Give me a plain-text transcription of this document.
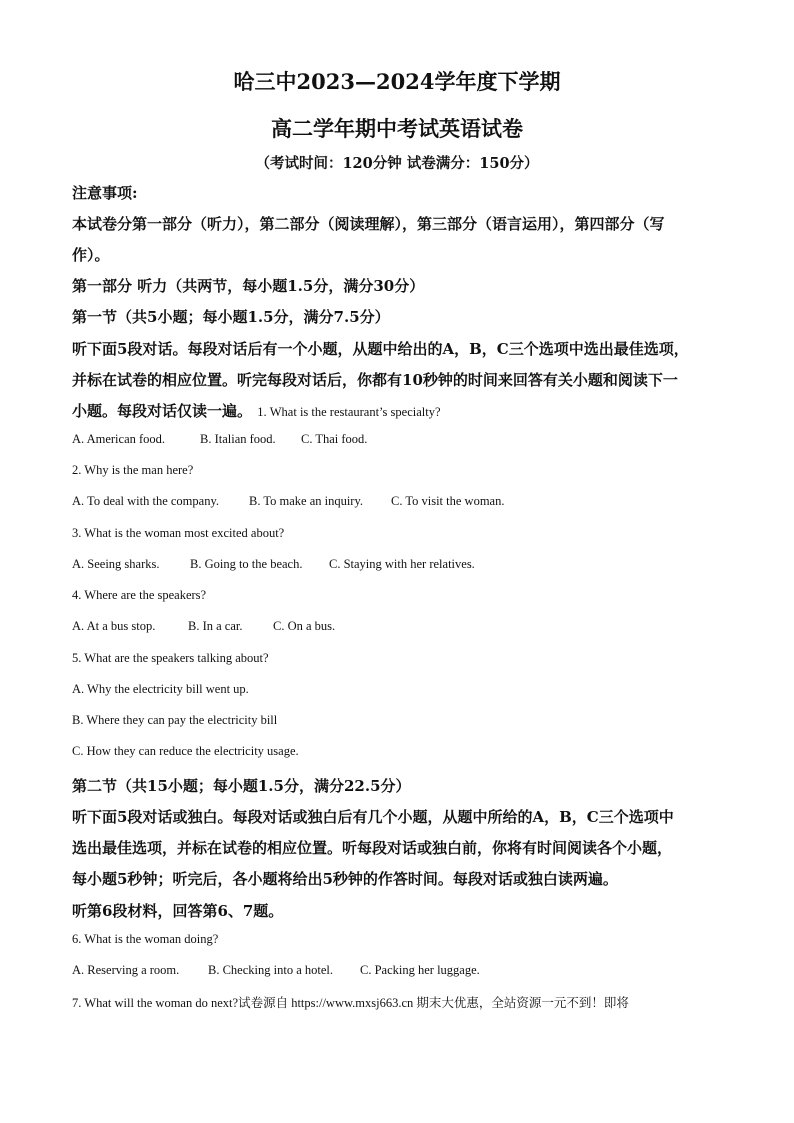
哈三中2023—2024学年度下学期
高二学年期中考试英语试卷
（考试时间：120分钟 试卷满分：150分）
注意事项:
本试卷分第一部分（听力），第二部分（阅读理解），第三部分（语言运用），第四部分（写
作）。
第一部分 听力（共两节，每小题1.5分，满分30分）
第一节（共5小题；每小题1.5分，满分7.5分）
听下面5段对话。每段对话后有一个小题，从题中给出的A，B，C三个选项中选出最佳选项，
并标在试卷的相应位置。听完每段对话后，你都有10秒钟的时间来回答有关小题和阅读下一
小题。每段对话仅读一遍。 1. What is the restaurant’s specialty?
A. American food.	B. Italian food. C. Thai food.
2. Why is the man here?
A. To deal with the company. B. To make an inquiry. C. To visit the woman.
3. What is the woman most excited about?
A. Seeing sharks. B. Going to the beach. C. Staying with her relatives.
4. Where are the speakers?
A. At a bus stop.	B. In a car. C. On a bus.
5. What are the speakers talking about?
A. Why the electricity bill went up.
B. Where they can pay the electricity bill
C. How they can reduce the electricity usage.
第二节（共15小题；每小题1.5分，满分22.5分）
听下面5段对话或独白。每段对话或独白后有几个小题，从题中所给的A，B，C三个选项中
选出最佳选项，并标在试卷的相应位置。听每段对话或独白前，你将有时间阅读各个小题，
每小题5秒钟；听完后，各小题将给出5秒钟的作答时间。每段对话或独白读两遍。
听第6段材料，回答第6、7题。
6. What is the woman doing?
A. Reserving a room. B. Checking into a hotel. C. Packing her luggage.
7. What will the woman do next?试卷源自 https://www.mxsj663.cn 期末大优惠，全站资源一元不到！即将
